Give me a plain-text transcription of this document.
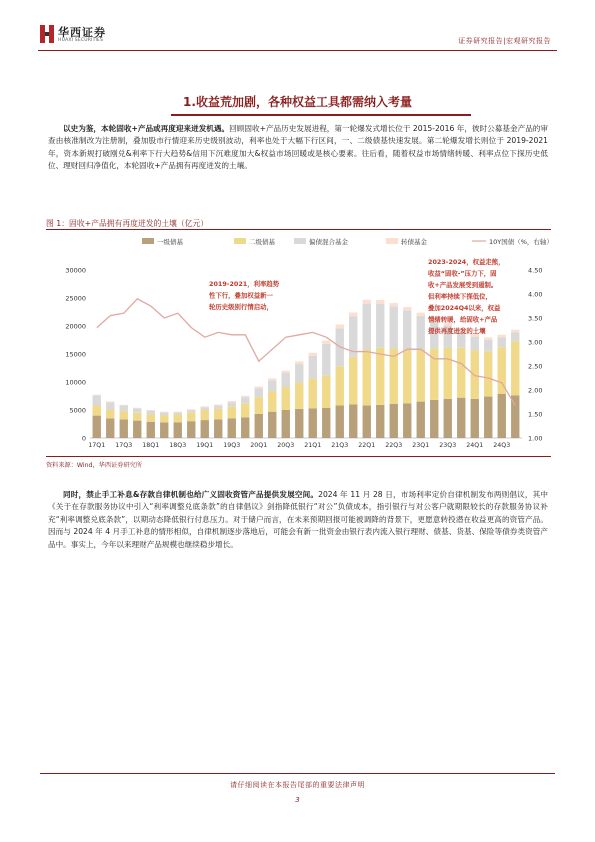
华西证券
HUAXI SECURITIES	证券研究报告|宏观研究报告
1.收益荒加剧，各种权益工具都需纳入考量
以史为鉴，本轮固收+产品或再度迎来迸发机遇。回顾固收+产品历史发展进程，第一轮爆发式增长位于 2015-2016 年，彼时公募基金产品的审查由核准制改为注册制，叠加股市行情迎来历史级别波动，利率也处于大幅下行区间，一、二级债基快速发展。第二轮爆发增长则位于 2019-2021 年，资本新规打破刚兑&利率下行大趋势&信用下沉难度加大&权益市场回暖或是核心要素。往后看，随着权益市场情绪转暖、利率点位下探历史低位、理财回归净值化，本轮固收+产品拥有再度迸发的土壤。
图 1：固收+产品拥有再度迸发的土壤（亿元）
一级债基	二级债基	偏债混合基金	转债基金	10Y国债（%，右轴）
0
5000
10000
15000
20000
25000
30000
1.00
1.50
2.00
2.50
3.00
3.50
4.00
4.50
17Q1 17Q3 18Q1 18Q3 19Q1 19Q3 20Q1 20Q3 21Q1 21Q3 22Q1 22Q3 23Q1 23Q3 24Q1 24Q3
2019-2021，利率趋势
性下行，叠加权益新一
轮历史级别行情启动，
2023-2024，权益走熊，
收益“固收-”压力下，固
收+产品发展受到遏制。
但利率持续下探低位，
叠加2024Q4以来，权益
情绪转暖，给固收+产品
提供再度迸发的土壤
资料来源：Wind，华西证券研究所
同时，禁止手工补息&存款自律机制也给广义固收资管产品提供发展空间。2024 年 11 月 28 日，市场利率定价自律机制发布两则倡议，其中《关于在存款服务协议中引入“利率调整兑底条款”的自律倡议》剑指降低银行“对公”负债成本，指引银行与对公客户就期限较长的存款服务协议补充“利率调整兑底条款”，以期动态降低银行付息压力。对于储户而言，在未来预期回报可能被调降的背景下，更愿意转投潜在收益更高的资管产品。因而与 2024 年 4 月手工补息的情形相似，自律机制逐步落地后，可能会有新一批资金由银行表内流入银行理财、债基、货基、保险等债券类资管产品中。事实上，今年以来理财产品规模也继续稳步增长。
请仔细阅读在本报告尾部的重要法律声明
3
